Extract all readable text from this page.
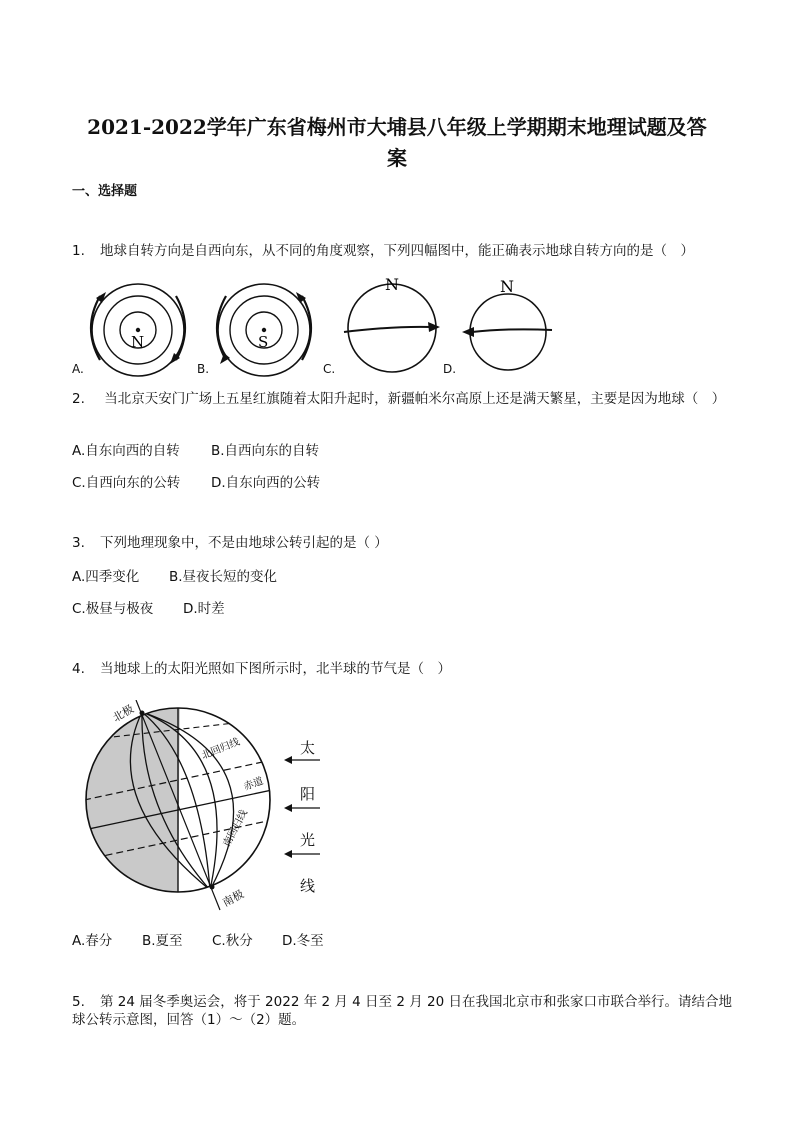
2021-2022学年广东省梅州市大埔县八年级上学期期末地理试题及答
案
一、选择题
1. 地球自转方向是自西向东，从不同的角度观察，下列四幅图中，能正确表示地球自转方向的是（　）
N	S
N	N
A.	B.	C.	D.
2. 当北京天安门广场上五星红旗随着太阳升起时，新疆帕米尔高原上还是满天繁星，主要是因为地球（　）
A.自东向西的自转 B.自西向东的自转
C.自西向东的公转 D.自东向西的公转
3. 下列地理现象中，不是由地球公转引起的是（ ）
A.四季变化 B.昼夜长短的变化
C.极昼与极夜 D.时差
4. 当地球上的太阳光照如下图所示时，北半球的节气是（　）
北极
北回归线
赤道
南回归线
南极
太
阳
光
线
A.春分 B.夏至 C.秋分 D.冬至
5. 第 24 届冬季奥运会，将于 2022 年 2 月 4 日至 2 月 20 日在我国北京市和张家口市联合举行。请结合地球公转示意图，回答（1）～（2）题。
